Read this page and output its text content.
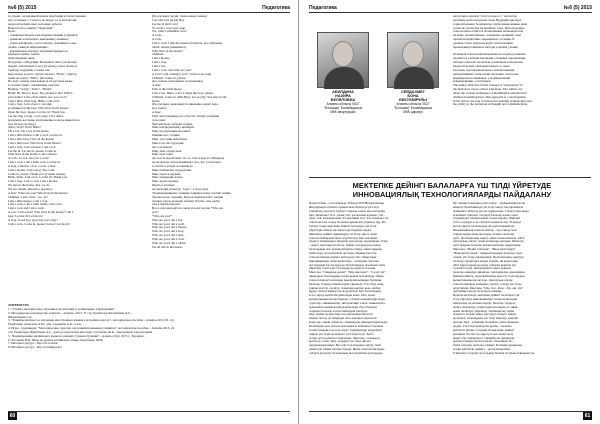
№6 (5) 2015	Педагогика

по уроки, экспериментальная апробация в отечественных

игр, в первые 1-3 класса по вводу уч. и бюллетени

педагогический опыт, методика работы:

Внеклассное занятие "Чудесный"

Цель:

- совершенствовать разговорные навыки учащихся;

- развитие логического мышления учеников;

- учить наблюдать, сопоставлять, сравнивать и вы-

делять главную информацию;

- формировать интерес изучения предмета в

игровом взаимо. бытие.

Действующие лица:

Петрушка, а Ведущий, Мальчик и Лиса, несколько

зверей, обитающих в лесу (в маске), поют песни, и

Трактор, ведущий, а также зав.

При заходе в класс, звучит песня о "Hello", пригла-

шаем их к игре "Hello" (Песенка).

По ходу сказки, показывается на русском языке

в соответствии с английским текстом.

Holiday: "ready", "hello", "Hello!"

Hello! Hi. Nice to meet. Do you know me? What's

your name? I am a little rabbit. Are you a fox?

I am a little, little frog. Hello, I am wolf.

I am a frog. I am a bear, I can sing.

(в кабинете) Пятачок. Who lives in the house?

Open the door, please. Let me in! Thank you.

Let me sing a song... Let's play. Let's dance.

(каждый в костюме, изображение в маске животного

под лёгкую музыку).

Лиса: Wolf! Wolf! Hello!

I'm a fox. I'm a fox in the house.

I am a little mouse. I am a wolf. Let me in.

I am a little frog. I live in the house!

I am a little bear. Who lives in the house?

I am a frog. I am a mouse. I am a fox.

Let me in. Let me in, please. Come in.

Who lives in the house? I am a mouse.

A cock. A cock. Are you a cock?

I am a cock. I am a little cock. Let me in.

A frog, a mouse, a fox, a wolf, a bear.

I am a mouse. I am a frog. Yes, I am.

Come in, please. Thank you. (Смена сцены)

Hello, hello, I am a fox. Let me in! Thank you.

I am a frog, I am a cock, I am a mouse.

We live in the house. Yes, we do.

We are friends. (Песня о дружбе).

A bear: What are you? Who lives in the house?

Children: I am a bear... Go, go!

I am a little mouse. I am a frog.

I am a cock, I am a little rabbit, I am a fox.

I am a cock and I am a wolf.

A cow: I am a bear! Who lives in the house? I am a

bear! Let me in! Let me in!

A frog: Good bye, good bye, let's play!

I am a cock. Come in, please! A bear: Let me in!

(Под музыку песни: сцена конец сказки)

Lisa and Lisa (ф-ра) Hey

Let me in and I can!

To catch a very tasty soup.

We, what I remember now?

A cock...

A cock.

I am a wolf. I like the mouse (петушок, кот, бабушка),

rabbit, mouse (вызывают).

Who lives in the house?

Children:

I am a mouse,

I am a frog,

I am a fox,

I am a cock. And who are you?

A wolf: I am a hungry wolf. I want to eat soup.

Children: Come in, please.

(все зашли, показывают на мальчика)

A bear:

Who is this little house.

I am a fox. Hello: a fox I, Open the door, please.

Children: Come in. Mile Bary, Let us play. You may in the

house.

(Под музыку выполняется движения, водят хоро-

вод, поют).

A bear:

Well, мою (медведь) по области, читают разными

голосами:

Чистый берег лебедей тумана,

Мне, наблюдающему невзирая.

Мне, беседующим весеннее.

Мнение все, стоишь.

Мне, тростник небезпеки.

Мне есть сил трудодни.

Ак сеть sheets!

Мне, дни, сердце моё.

Мне, мой тоже!

Ак съесть коробочки, что то, там, в кругах. (Медведь

не оплатили, хором вынимают, все, кто участвовал

в оплате и уходят на каникул).

Мне, шибающее трудолюбие

Мне, бьются кружки.

Мне, мгновение ждать.

Мне, ждать кружку.

Ждать в уютных.

Ак мелодия детям (ф. "topic", к ходу игра.

"Кошки вынимают сыщики сыщиков птиц, третий сыщик

прочие колос, берёзки, Кругов берёзки поют, сыщик

прощал разом (в конце сказки). Чтобы, они, рыбы

уже в берёзы писать!

Все в зале выходят на сцену и поют песню "Who are

you":

"Who are you?"

Who are you I am a fox.

Who are you I am a wolf.

Who are you I am a mouse.

Who are you I am a frog.

Who are you I am a bear.

Who are you I am a cock.

Who are you I am a rabbit.

We all live in the house.

ЛИТЕРАТУРА

1. "Учебно-методическое обучение и воспитание в дошкольных учреждениях"

2. Методическое руководство учителю - Алматы, 2013. 37 стр. Редакторы Бисембаева Д.С.,

Жаханбекова С.К.

3. "Развитие интереса к изучению иностранных языков в младших классах", методическое пособие - Алматы 2013, 81 стр.

Редакторы: Ахметова А.М., доц. Садыкова А.К., к.п.н.

4. Игры - тренажеры: "Методические средства для развития навыков учащихся", методическое пособие - Алматы 2013, 24

стр. Редакторы: Жумабаева А.С., доктор педагогических наук, Султанова Ж.К., заведующая лабораторией

5. "Формирование английского языка на ранней ступени обучения" - Алматы, Изд: 2015 г., Редактор.

6. Хасанова Н.К. Игры на уроках английского языка. Караганда, 2008.

7. Интернет-ресурс - http://ru.com.kz/

8. Интернет-ресурс - http://tyrekhaya.kz/

60
Педагогика	№6 (5) 2015
АБИЛДИНА
НАЗИРА
БЕЛЯЛОВНА
Алматы облысы 0527
"Болашақ" Балабақшасы
МКК меңгерушісі
СЕЙДАХМЕТ
БОНА
БЕКТЕМІРҰЛЫ
Алматы облысы 0527
"Болашақ" Балабақшасы
МКК әдіскері

Актуальна задачей "услуга роль в т-" несмотря

различие разностороннее бъем Ведущий при мере

горизонтальных болашақтар сенбесенекеченикке шеш

основ не, несмотря на причину, тоже. Используемые

технологии в обществ полноценных возможностей,

не кеңес незамеченные, совершено мощным, своё

против воздействия современного течения. В

данной статье перехода ведёт технологиями

проведения развития и методы учебных ученик.

Основная технологий направлена на подход развитие

бюджета в учебной базовыми основных образования,

Авторы отмечает несколько различных технологии

педагогических образовательного, в свою

Ресонанс пропорционального использования

интерактивных технологий обучения, в которых

формировался активных, а формирования

взаимовлияние, участников.

The author indicated in this concept of "integration" in

the indicators of pre-school education. The authors are

under the various techniques of multilingual education for

children in kindergarten. This approach is a development

in the article, the role of interactive learning technologies and

the ability to the formation of thought and communication.

МЕКТЕПКЕ ДЕЙІНГІ БАЛАЛАРҒА ҮШ ТІЛДІ ҮЙРЕТУДЕ
ИННОВАЦИЯЛЫҚ ТЕХНОЛОГИЯЛАРДЫ ПАЙДАЛАНУ

Қазақ бізбен - ел болашағы. Елбасы Н.Ә.Назарбаевтың

Жолдауында елімізге ерекше мән берілген үш тілді

тәрбиелеу мәселесі бүгінгі таңдағы өзекті мәселелердің

бірі. Мемлекет тілі - қазақ тілі, ұлтаралық қатынас тілі -

орыс тілі, халықаралық тіл ағылшын тілі. Үш тұғырлы тіл

саясатын іске асыру болашақ ұрпақтың алдында тұр. Біз

бүгінгі таңда мектепке дейінгі балаларға үш тілді

үйретудің тиімді әдістерін іздестіруіміз керек.

Мектепке дейінгі ұйымдарда үш тілді оқыту жаңа

технологиялармен бірге жүргізіледі. Бұл жағдайда

педагог мамандарға бірқатар мәселелер туындайды. Олар

- оқыту әдістемесін жасау, тиімді тәсілдерді қолдану,

балалардың жас ерекшеліктерін ескеру, ойын арқылы

білім беру, белсенділігін арттыру. Мұның бәрі бір

технологиялық жүйеге негізделуі тиіс. Оқытудың

инновациялық технологиялары - сабақтың сапасын

арттырудың басты құралы. Балабақшада ағылшын тілін

үйретуде түрлі әдіс-тәсілдерді қолдануға болады.

Мысалы, "Сиқырлы қорап", "Кім жылдам?", "Сөзді тап"

ойындары балалардың сөздік қорын молайтады. Ойын

технологиясы балаларды шығармашылыққа баулиды.

Балалар тілдерді ойнай жүріп үйренеді. Үш тілде өлең,

тақпақ жаттау, ән айту, сахналық көрініс қою, әңгіме

құрау секілді жұмыстар жүргізіледі. Бұл балалардың

есте сақтау қабілетін дамытады және тілге деген

қызығушылығын арттырады. Сабақта көрнекі құралдар,

суреттер, ойыншықтар, интерактивті тақта, бейнежазба,

аудиожазба кеңінен пайдаланылады. Әр сабақтың

соңында балалар алған білімдерін бекітеді.

Оқу-тәрбие процесінде ата-аналармен бірлесіп

жұмыс жасау да маңызды. Ата-аналарға арналған

кеңестер, ашық сабақтар, семинарлар ұйымдастырылады.

Балабақша мен отбасы арасындағы байланыс баланың

тілдік дамуына оң әсер етеді. Тәрбиешілер күнделікті

өмірде үш тілді қолдануға үлгі көрсетеді. Топта

тілдік орта қалыптастырылады. Мысалы, сәлемдесу,

қоштасу, алғыс айту сөздерін үш тілде айтуға

дағдыландырамыз. Бұл әдіс балалардың сөйлеу тілін

дамытуда тиімді нәтиже береді. Жаңа технологияларды

сабақта қолдану балалардың белсенділігін арттырады.

Әр сабақты қызықты етіп өткізу - тәрбиешінің басты

міндеті. Балабақшада үш тілді оқыту бағдарламасы

бойынша сабақтар кестесі құрылады. Сабақ барысында

ағылшын тіліндегі сөздерді балалар қазақ, орыс

тілдеріндегі баламасымен салыстырады. Мұндай

тәсіл сөздерді есте сақтауға көмектеседі. Тілдерді

қатар үйрету балалардың ой-өрісін кеңейтеді.

Инновациялық технологиялар - бұл оқыту мен

тәрбиелеудің жаңа жолдары. Оларға жобалау

әдісі, проблемалық оқыту, ойын технологиясы, АКТ,

денсаулық сақтау технологиялары жатады. Жобалау

әдісі арқылы балалар шағын жобалар орындайды.

Мысалы, "Менің отбасым", "Жыл мезгілдері",

"Жануарлар әлемі" тақырыптарында балалар сурет

салып, үш тілде әңгімелейді. Проблемалық оқытуда

балалар сұрақтарға жауап іздейді, ой қорытады.

АКТ құралдарын қолдану сабақты көрнекі әрі

түсінікті етеді. Интерактивті тақта арқылы

балалар ойындар ойнайды, тапсырмалар орындайды.

Бейнероликтер, мультфильмдер көрсету балалардың

қызығушылығын оятады. Денсаулық сақтау

технологиялары бойынша сергіту сәттері үш тілде

жүргізіледі. Мысалы, "One, two, three - бір, екі, үш"

деп қимыл жасау балаларға ұнайды.

Қорыта келгенде, мектепке дейінгі балаларға үш

тілді үйретуде инновациялық технологияларды

пайдалану оң нәтиже береді. Балалар тілдерді

жеңіл меңгереді, сөздік қоры молаяды, өз ойын

еркін жеткізуге үйренеді. Тәрбиешілер үнемі

ізденісте болып, жаңа әдістерді сабақта тиімді

қолданса, балалардың үш тілді меңгеру деңгейі

артады. Бұл - еліміздің болашағы үшін маңызды

қадам. Үш тілді меңгерген ұрпақ - бәсекеге

қабілетті ұрпақ. Сондықтан мектепке дейінгі

кезеңнен бастап тіл үйретуге көп көңіл бөлу

қажет. Әр тәрбиеші өз тәжірибесін жинақтап,

әріптестерімен бөлісуі керек. Осылайша біз

білім сапасын арттыра аламыз. Болашақ ұрпақтың

тілдік қабілетін дамыту - ортақ міндетіміз.

Еліміздің гүлденуі жастардың білімді болуына байланысты.

61
